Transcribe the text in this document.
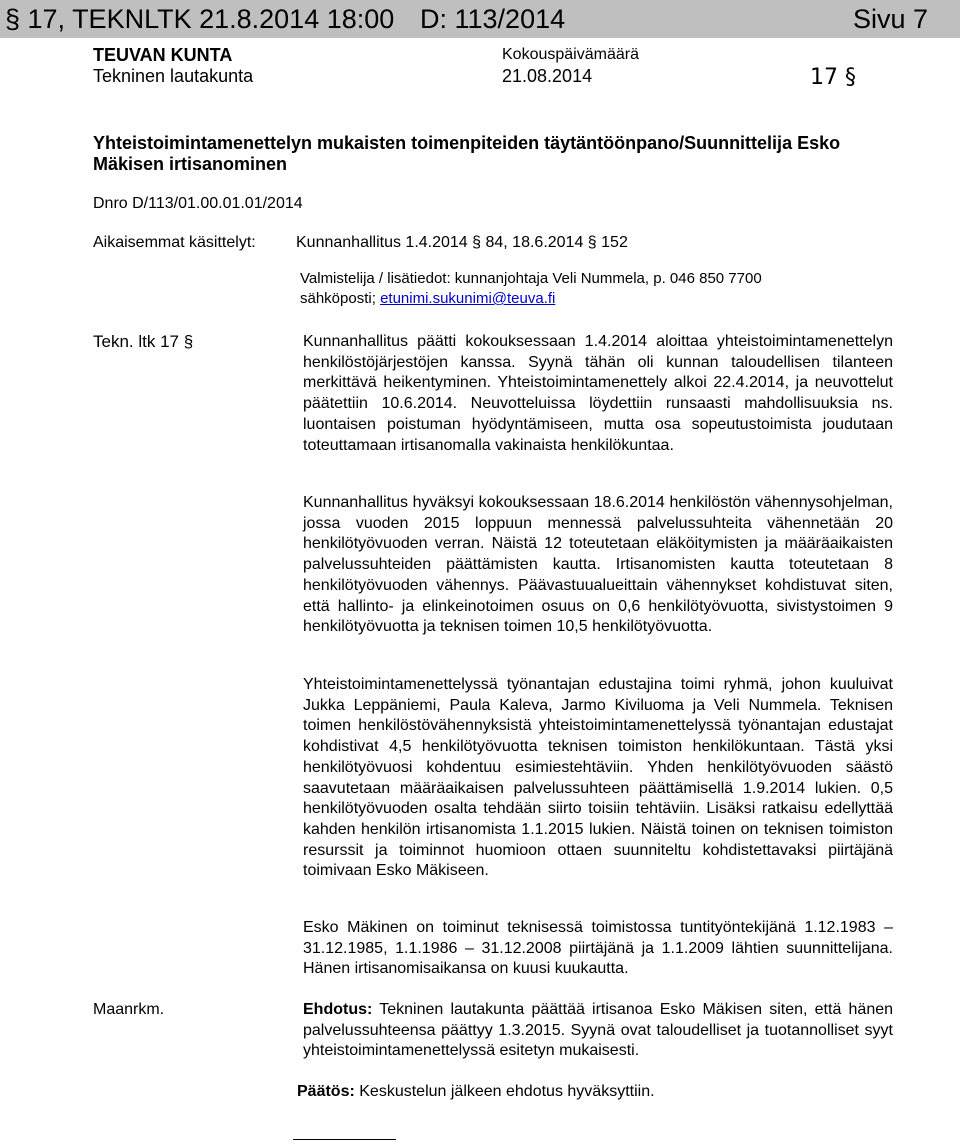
§ 17, TEKNLTK 21.8.2014 18:00 D: 113/2014	Sivu 7
TEUVAN KUNTA
Tekninen lautakunta
Kokouspäivämäärä
21.08.2014	17 §
Yhteistoimintamenettelyn mukaisten toimenpiteiden täytäntöönpano/Suunnittelija Esko Mäkisen irtisanominen
Dnro D/113/01.00.01.01/2014
Aikaisemmat käsittelyt:	Kunnanhallitus 1.4.2014 § 84, 18.6.2014 § 152
Valmistelija / lisätiedot: kunnanjohtaja Veli Nummela, p. 046 850 7700
sähköposti; etunimi.sukunimi@teuva.fi
Tekn. ltk 17 §	Kunnanhallitus päätti kokouksessaan 1.4.2014 aloittaa yhteistoimintamenettelyn henkilöstöjärjestöjen kanssa. Syynä tähän oli kunnan taloudellisen tilanteen merkittävä heikentyminen. Yhteistoimintamenettely alkoi 22.4.2014, ja neuvottelut päätettiin 10.6.2014. Neuvotteluissa löydettiin runsaasti mahdollisuuksia ns. luontaisen poistuman hyödyntämiseen, mutta osa sopeutustoimista joudutaan toteuttamaan irtisanomalla vakinaista henkilökuntaa.
Kunnanhallitus hyväksyi kokouksessaan 18.6.2014 henkilöstön vähennysohjelman, jossa vuoden 2015 loppuun mennessä palvelussuhteita vähennetään 20 henkilötyövuoden verran. Näistä 12 toteutetaan eläköitymisten ja määräaikaisten palvelussuhteiden päättämisten kautta. Irtisanomisten kautta toteutetaan 8 henkilötyövuoden vähennys. Päävastuualueittain vähennykset kohdistuvat siten, että hallinto- ja elinkeinotoimen osuus on 0,6 henkilötyövuotta, sivistystoimen 9 henkilötyövuotta ja teknisen toimen 10,5 henkilötyövuotta.
Yhteistoimintamenettelyssä työnantajan edustajina toimi ryhmä, johon kuuluivat Jukka Leppäniemi, Paula Kaleva, Jarmo Kiviluoma ja Veli Nummela. Teknisen toimen henkilöstövähennyksistä yhteistoimintamenettelyssä työnantajan edustajat kohdistivat 4,5 henkilötyövuotta teknisen toimiston henkilökuntaan. Tästä yksi henkilötyövuosi kohdentuu esimiestehtäviin. Yhden henkilötyövuoden säästö saavutetaan määräaikaisen palvelussuhteen päättämisellä 1.9.2014 lukien. 0,5 henkilötyövuoden osalta tehdään siirto toisiin tehtäviin. Lisäksi ratkaisu edellyttää kahden henkilön irtisanomista 1.1.2015 lukien. Näistä toinen on teknisen toimiston resurssit ja toiminnot huomioon ottaen suunniteltu kohdistettavaksi piirtäjänä toimivaan Esko Mäkiseen.
Esko Mäkinen on toiminut teknisessä toimistossa tuntityöntekijänä 1.12.1983 – 31.12.1985, 1.1.1986 – 31.12.2008 piirtäjänä ja 1.1.2009 lähtien suunnittelijana. Hänen irtisanomisaikansa on kuusi kuukautta.
Maanrkm.	Ehdotus: Tekninen lautakunta päättää irtisanoa Esko Mäkisen siten, että hänen palvelussuhteensa päättyy 1.3.2015. Syynä ovat taloudelliset ja tuotannolliset syyt yhteistoimintamenettelyssä esitetyn mukaisesti.
Päätös: Keskustelun jälkeen ehdotus hyväksyttiin.
